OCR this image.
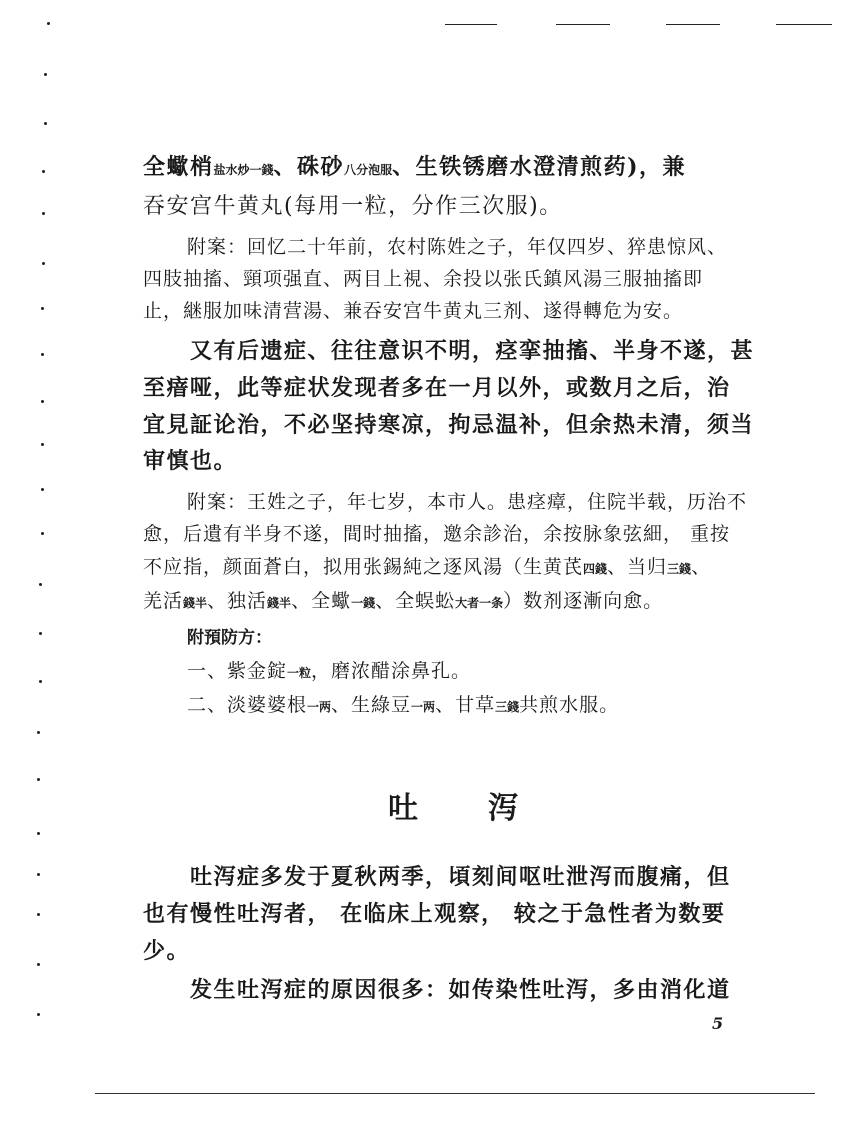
全蠍梢盐水炒一錢、硃砂八分泡服、生铁锈磨水澄清煎药)，兼
吞安宫牛黄丸(每用一粒，分作三次服)。
附案：回忆二十年前，农村陈姓之子，年仅四岁、猝患惊风、
四肢抽搐、頸项强直、两目上視、余投以张氏鎮风湯三服抽搐即
止，継服加味清营湯、兼吞安宫牛黄丸三剂、遂得轉危为安。
又有后遗症、往往意识不明，痉挛抽搐、半身不遂，甚
至瘖哑，此等症状发现者多在一月以外，或数月之后，治
宜見証论治，不必坚持寒凉，拘忌温补，但余热未清，须当
审慎也。
附案：王姓之子，年七岁，本市人。患痉瘴，住院半载，历治不
愈，后遺有半身不遂，間时抽搐，邀余診治，余按脉象弦細， 重按
不应指，颜面蒼白，拟用张錫純之逐风湯（生黄芪四錢、当归三錢、
羌活錢半、独活錢半、全蠍一錢、全蜈蚣大者一条）数剂逐漸向愈。
附預防方：
一、紫金錠一粒，磨浓醋涂鼻孔。
二、淡婆婆根一两、生綠豆一两、甘草三錢共煎水服。
吐 泻
吐泻症多发于夏秋两季，頃刻间呕吐泄泻而腹痛，但
也有慢性吐泻者， 在临床上观察， 较之于急性者为数要
少。
发生吐泻症的原因很多：如传染性吐泻，多由消化道
5
